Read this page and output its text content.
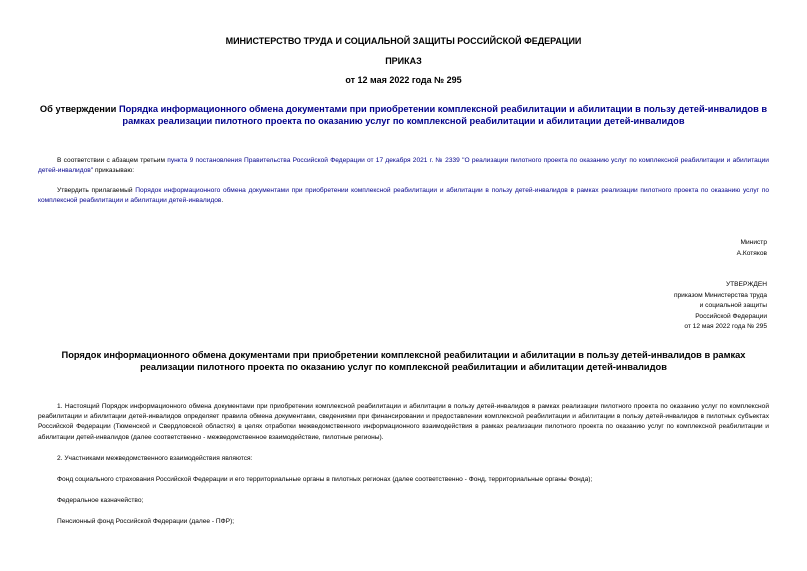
МИНИСТЕРСТВО ТРУДА И СОЦИАЛЬНОЙ ЗАЩИТЫ РОССИЙСКОЙ ФЕДЕРАЦИИ
ПРИКАЗ
от 12 мая 2022 года № 295
Об утверждении Порядка информационного обмена документами при приобретении комплексной реабилитации и абилитации в пользу детей-инвалидов в рамках реализации пилотного проекта по оказанию услуг по комплексной реабилитации и абилитации детей-инвалидов
В соответствии с абзацем третьим пункта 9 постановления Правительства Российской Федерации от 17 декабря 2021 г. № 2339 "О реализации пилотного проекта по оказанию услуг по комплексной реабилитации и абилитации детей-инвалидов" приказываю:
Утвердить прилагаемый Порядок информационного обмена документами при приобретении комплексной реабилитации и абилитации в пользу детей-инвалидов в рамках реализации пилотного проекта по оказанию услуг по комплексной реабилитации и абилитации детей-инвалидов.
Министр
А.Котяков
УТВЕРЖДЕН
приказом Министерства труда
и социальной защиты
Российской Федерации
от 12 мая 2022 года № 295
Порядок информационного обмена документами при приобретении комплексной реабилитации и абилитации в пользу детей-инвалидов в рамках реализации пилотного проекта по оказанию услуг по комплексной реабилитации и абилитации детей-инвалидов
1. Настоящий Порядок информационного обмена документами при приобретении комплексной реабилитации и абилитации в пользу детей-инвалидов в рамках реализации пилотного проекта по оказанию услуг по комплексной реабилитации и абилитации детей-инвалидов определяет правила обмена документами, сведениями при финансировании и предоставлении комплексной реабилитации и абилитации в пользу детей-инвалидов в пилотных субъектах Российской Федерации (Тюменской и Свердловской областях) в целях отработки межведомственного информационного взаимодействия в рамках реализации пилотного проекта по оказанию услуг по комплексной реабилитации и абилитации детей-инвалидов (далее соответственно - межведомственное взаимодействие, пилотные регионы).
2. Участниками межведомственного взаимодействия являются:
Фонд социального страхования Российской Федерации и его территориальные органы в пилотных регионах (далее соответственно - Фонд, территориальные органы Фонда);
Федеральное казначейство;
Пенсионный фонд Российской Федерации (далее - ПФР);
